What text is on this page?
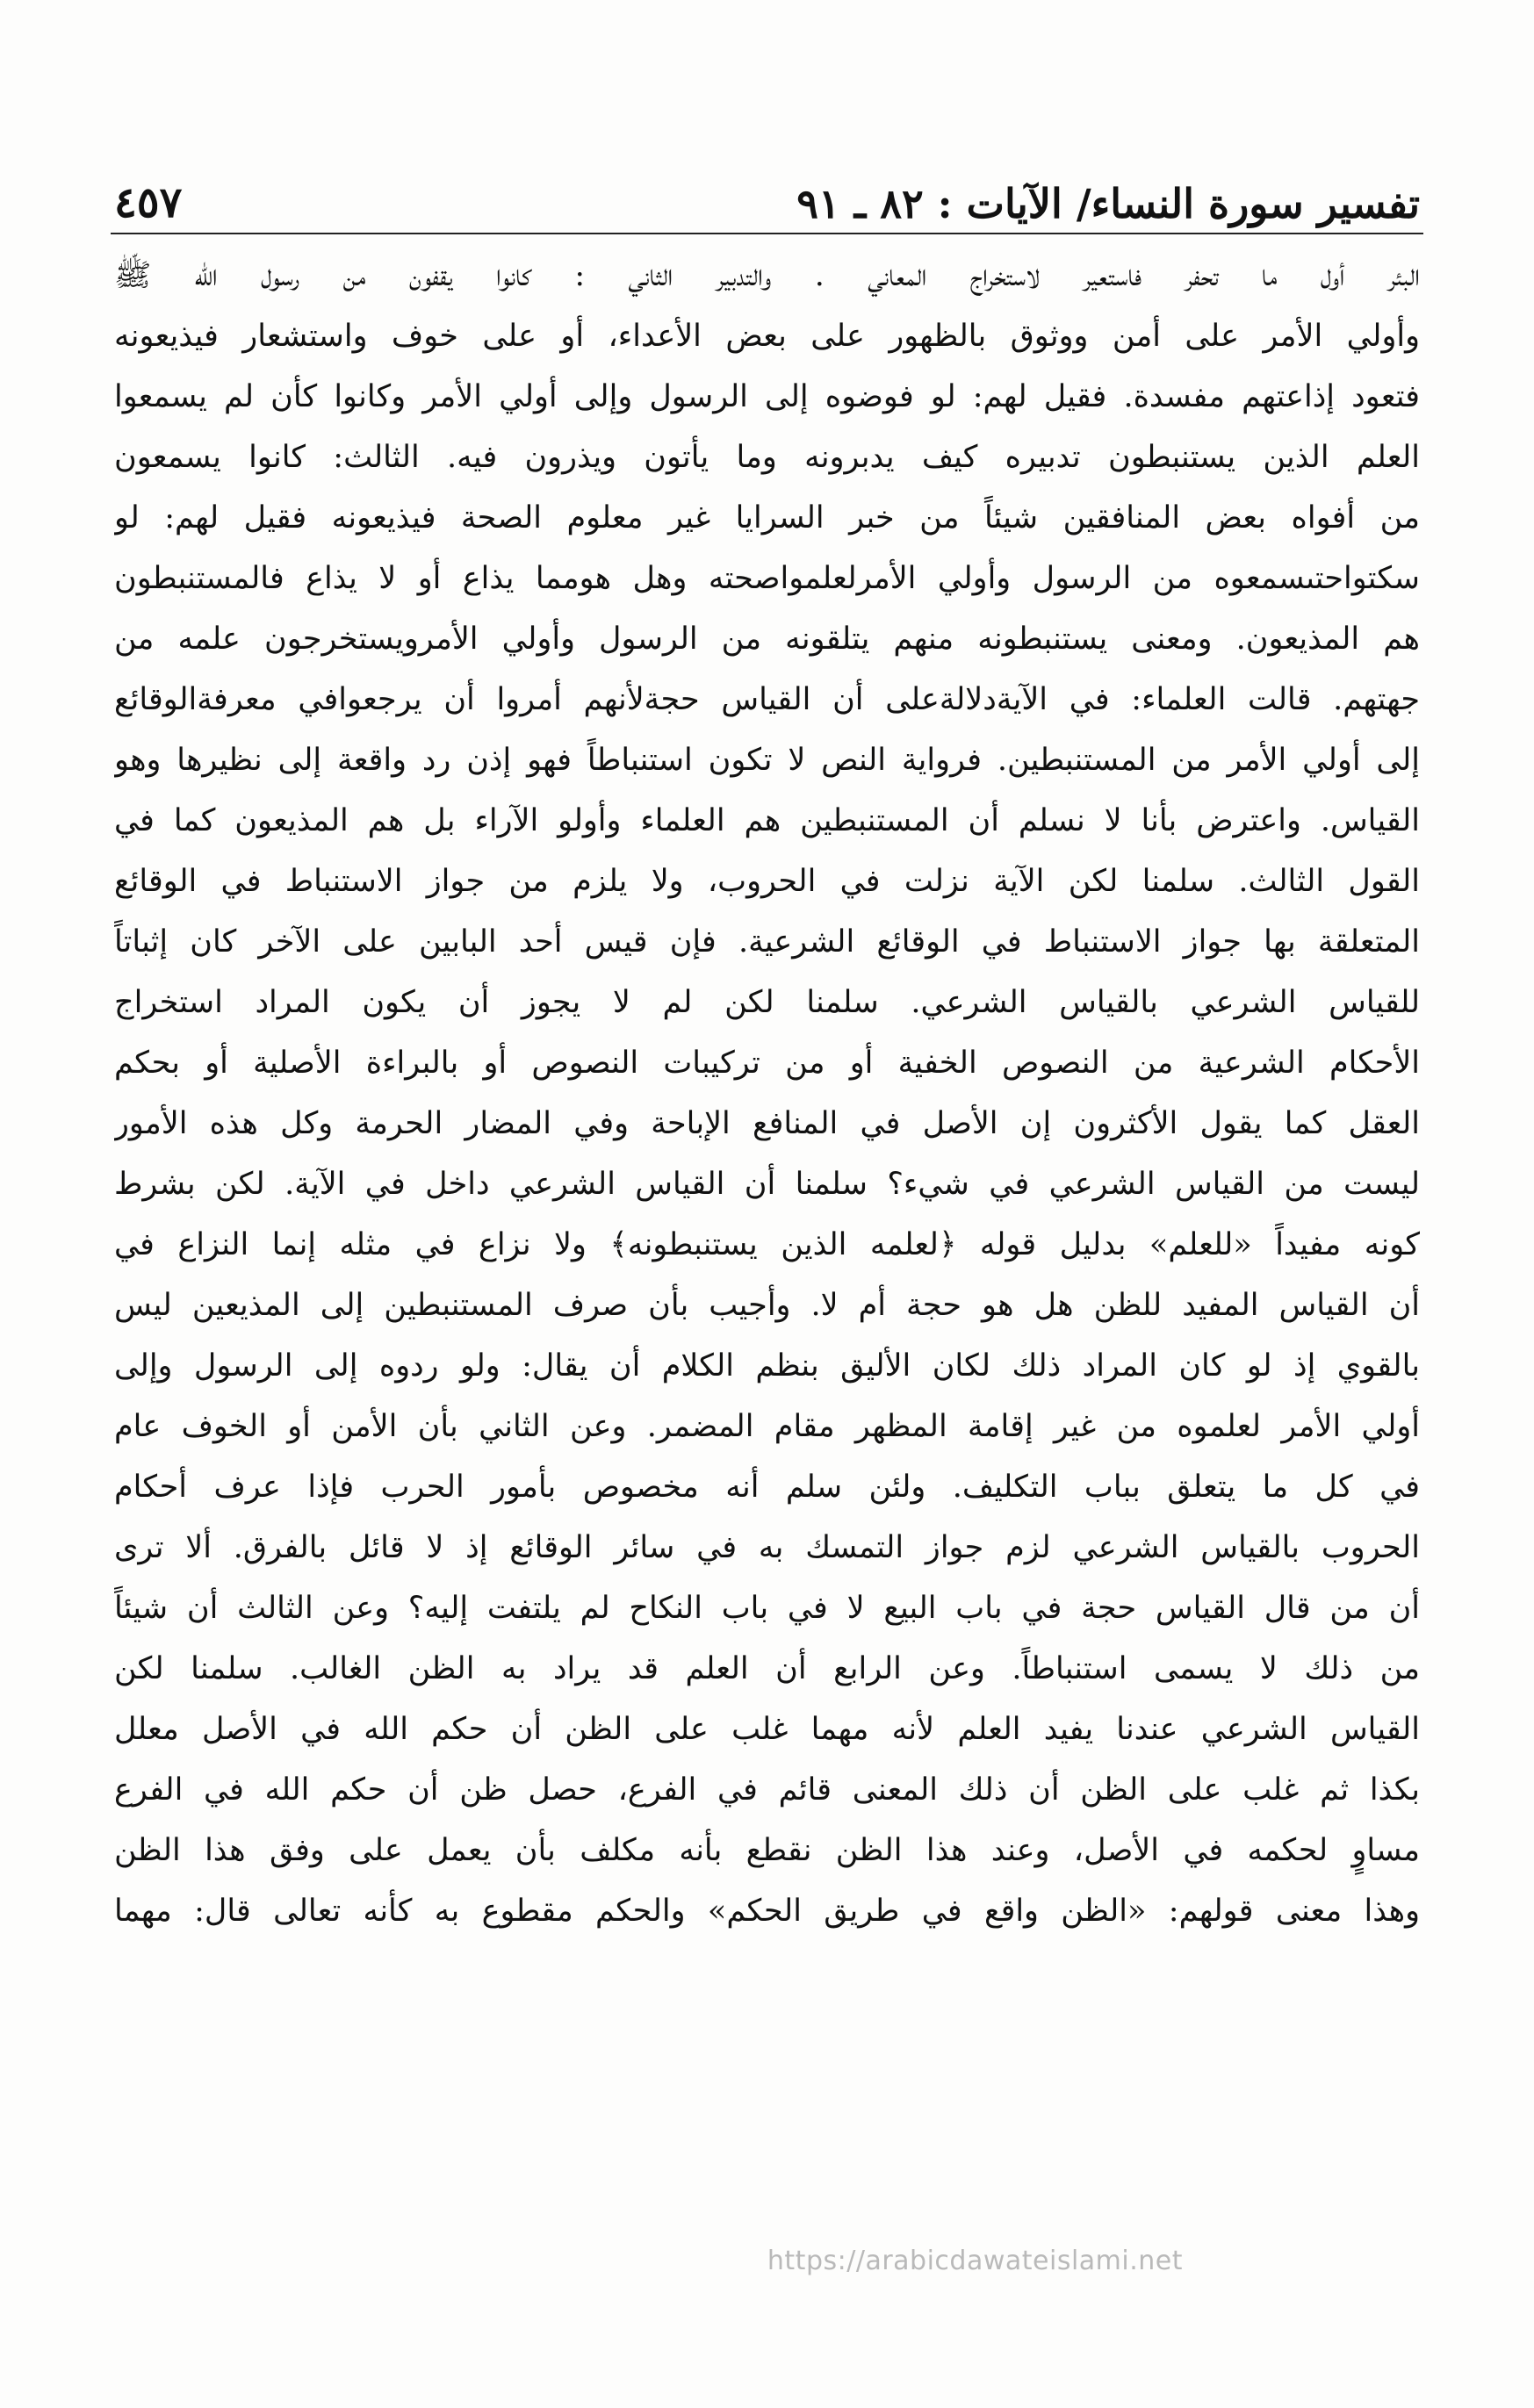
تفسير سورة النساء/ الآيات : ٨٢ ـ ٩١
٤٥٧
البئر أول ما تحفر فاستعير لاستخراج المعاني . والتدبير الثاني : كانوا يقفون من رسول الله ﷺ
وأولي الأمر على أمن ووثوق بالظهور على بعض الأعداء، أو على خوف واستشعار فيذيعونه
فتعود إذاعتهم مفسدة. فقيل لهم: لو فوضوه إلى الرسول وإلى أولي الأمر وكانوا كأن لم يسمعوا
العلم الذين يستنبطون تدبيره كيف يدبرونه وما يأتون ويذرون فيه. الثالث: كانوا يسمعون
من أفواه بعض المنافقين شيئاً من خبر السرايا غير معلوم الصحة فيذيعونه فقيل لهم: لو
سكتواحتىسمعوه من الرسول وأولي الأمرلعلمواصحته وهل هومما يذاع أو لا يذاع فالمستنبطون
هم المذيعون. ومعنى يستنبطونه منهم يتلقونه من الرسول وأولي الأمرويستخرجون علمه من
جهتهم. قالت العلماء: في الآيةدلالةعلى أن القياس حجةلأنهم أمروا أن يرجعوافي معرفةالوقائع
إلى أولي الأمر من المستنبطين. فرواية النص لا تكون استنباطاً فهو إذن رد واقعة إلى نظيرها وهو
القياس. واعترض بأنا لا نسلم أن المستنبطين هم العلماء وأولو الآراء بل هم المذيعون كما في
القول الثالث. سلمنا لكن الآية نزلت في الحروب، ولا يلزم من جواز الاستنباط في الوقائع
المتعلقة بها جواز الاستنباط في الوقائع الشرعية. فإن قيس أحد البابين على الآخر كان إثباتاً
للقياس الشرعي بالقياس الشرعي. سلمنا لكن لم لا يجوز أن يكون المراد استخراج
الأحكام الشرعية من النصوص الخفية أو من تركيبات النصوص أو بالبراءة الأصلية أو بحكم
العقل كما يقول الأكثرون إن الأصل في المنافع الإباحة وفي المضار الحرمة وكل هذه الأمور
ليست من القياس الشرعي في شيء؟ سلمنا أن القياس الشرعي داخل في الآية. لكن بشرط
كونه مفيداً «للعلم» بدليل قوله ﴿لعلمه الذين يستنبطونه﴾ ولا نزاع في مثله إنما النزاع في
أن القياس المفيد للظن هل هو حجة أم لا. وأجيب بأن صرف المستنبطين إلى المذيعين ليس
بالقوي إذ لو كان المراد ذلك لكان الأليق بنظم الكلام أن يقال: ولو ردوه إلى الرسول وإلى
أولي الأمر لعلموه من غير إقامة المظهر مقام المضمر. وعن الثاني بأن الأمن أو الخوف عام
في كل ما يتعلق بباب التكليف. ولئن سلم أنه مخصوص بأمور الحرب فإذا عرف أحكام
الحروب بالقياس الشرعي لزم جواز التمسك به في سائر الوقائع إذ لا قائل بالفرق. ألا ترى
أن من قال القياس حجة في باب البيع لا في باب النكاح لم يلتفت إليه؟ وعن الثالث أن شيئاً
من ذلك لا يسمى استنباطاً. وعن الرابع أن العلم قد يراد به الظن الغالب. سلمنا لكن
القياس الشرعي عندنا يفيد العلم لأنه مهما غلب على الظن أن حكم الله في الأصل معلل
بكذا ثم غلب على الظن أن ذلك المعنى قائم في الفرع، حصل ظن أن حكم الله في الفرع
مساوٍ لحكمه في الأصل، وعند هذا الظن نقطع بأنه مكلف بأن يعمل على وفق هذا الظن
وهذا معنى قولهم: «الظن واقع في طريق الحكم» والحكم مقطوع به كأنه تعالى قال: مهما
https://arabicdawateislami.net
